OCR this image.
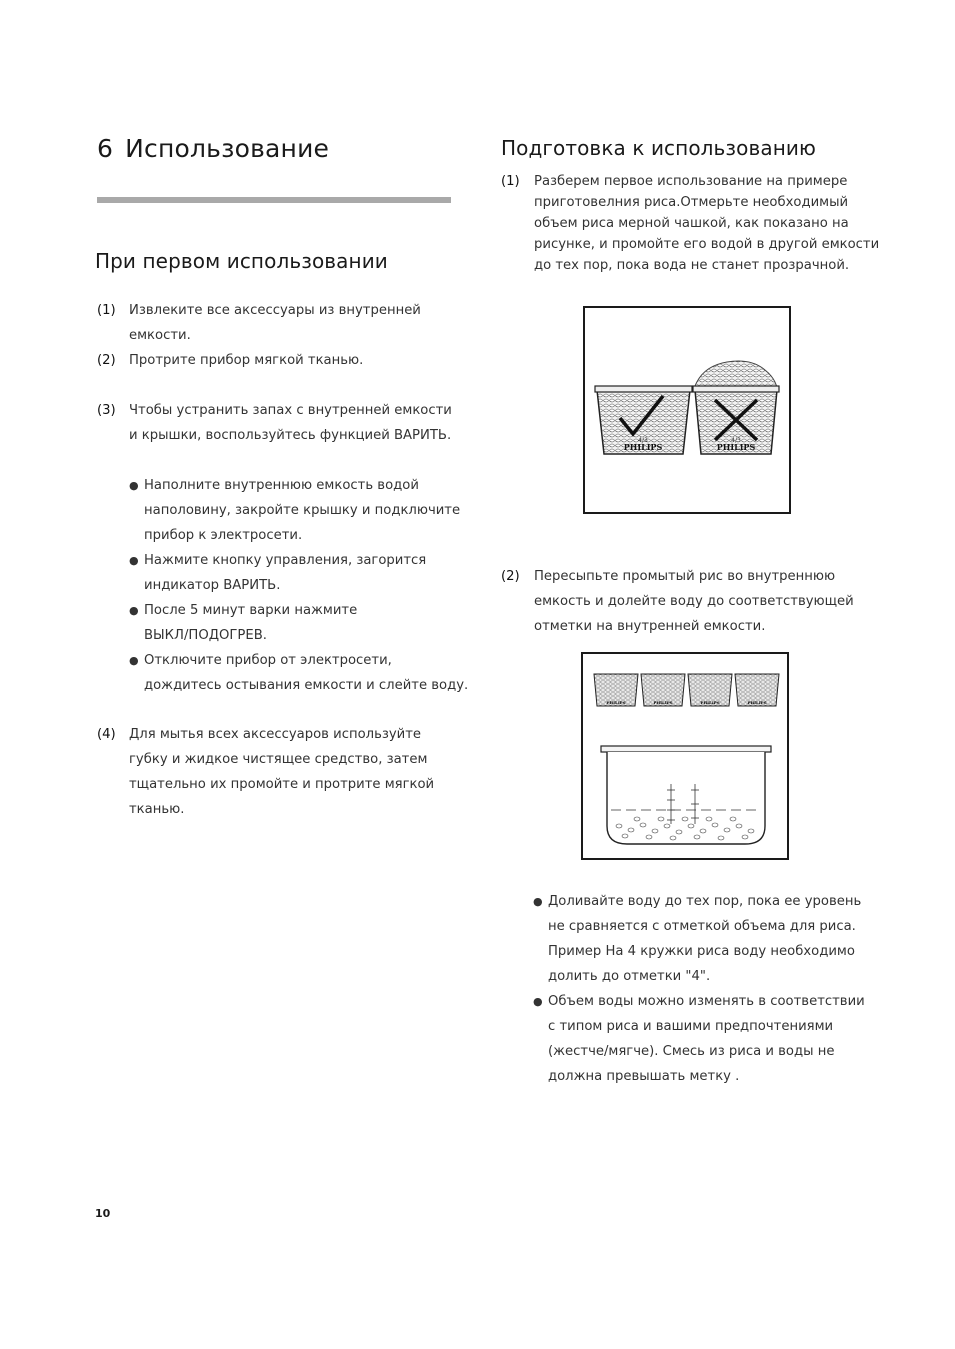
6 Использование
При первом использовании
(1) Извлеките все аксессуары из внутренней емкости.
(2) Протрите прибор мягкой тканью.
(3) Чтобы устранить запах с внутренней емкости
и крышки, воспользуйтесь функцией ВАРИТЬ.
● Наполните внутреннюю емкость водой
наполовину, закройте крышку и подключите
прибор к электросети.
● Нажмите кнопку управления, загорится
индикатор ВАРИТЬ.
● После 5 минут варки нажмите
ВЫКЛ/ПОДОГРЕВ.
● Отключите прибор от электросети,
дождитесь остывания емкости и слейте воду.
(4) Для мытья всех аксессуаров используйте
губку и жидкое чистящее средство, затем
тщательно их промойте и протрите мягкой
тканью.
Подготовка к использованию
(1) Разберем первое использование на примере
приготовелния риса.Отмерьте необходимый
объем риса мерной чашкой, как показано на
рисунке, и промойте его водой в другой емкости
до тех пор, пока вода не станет прозрачной.
4/3
PHILIPS
4/3
PHILIPS
(2) Пересыпьте промытый рис во внутреннюю
емкость и долейте воду до соответствующей
отметки на внутренней емкости.
PHILIPS	PHILIPS	PHILIPS	PHILIPS
● Доливайте воду до тех пор, пока ее уровень
не сравняется с отметкой объема для риса.
Пример На 4 кружки риса воду необходимо
долить до отметки "4".
● Объем воды можно изменять в соответствии
с типом риса и вашими предпочтениями
(жестче/мягче). Смесь из риса и воды не
должна превышать метку .
10
